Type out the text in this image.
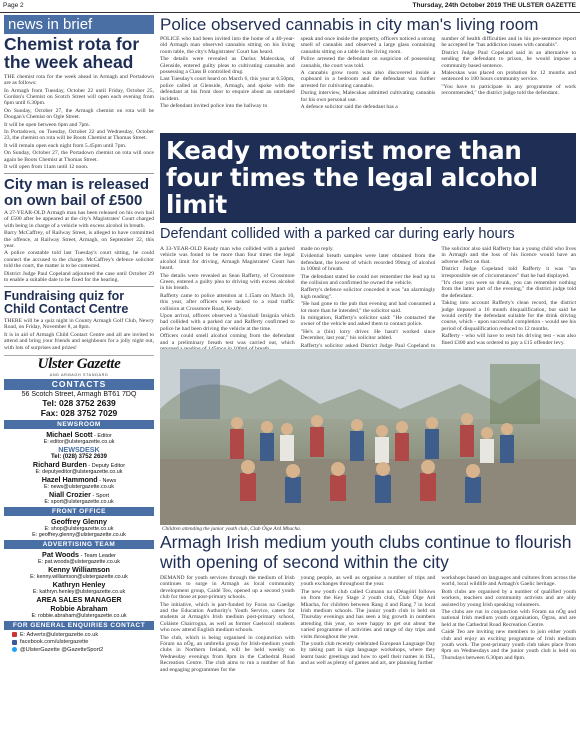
Page 2	Thursday, 24th October 2019 THE ULSTER GAZETTE
news in brief
Chemist rota for the week ahead

THE chemist rota for the week ahead in Armagh and Portadown are as follows:

In Armagh from Tuesday, October 22 until Friday, October 25, Gordon's Chemist on Scotch Street will open each evening from 6pm until 6.30pm.

On Sunday, October 27, the Armagh chemist on rota will be Dougan's Chemist on Ogle Street.

It will be open between 6pm and 7pm.

In Portadown, on Tuesday, October 22 and Wednesday, October 23, the chemist on rota will be Boots Chemist at Thomas Street.

It will remain open each night from 5.45pm until 7pm.

On Sunday, October 27, the Portadown chemist on rota will once again be Boots Chemist at Thomas Street.

It will open from 11am until 12 noon.

City man is released on own bail of £500

A 27-YEAR-OLD Armagh man has been released on his own bail of £500 after he appeared at the city's Magistrates' Court charged with being in charge of a vehicle with excess alcohol in breath.

Barry McCaffrey, of Railway Street, is alleged to have committed the offence, at Railway Street, Armagh, on September 22, this year.

A police constable told last Tuesday's court sitting, he could connect the accused to the charge. McCaffrey's defence solicitor told the court, the matter is to be contested.

District Judge Paul Copeland adjourned the case until October 29 to enable a suitable date to be fixed for the hearing.

Fundraising quiz for Child Contact Centre

THERE will be a quiz night in County Armagh Golf Club, Newry Road, on Friday, November 8, at 8pm.

It is in aid of Armagh Child Contact Centre and all are invited to attend and bring your friends and neighbours for a jolly night out, with lots of surprises and prizes!

Ulster Gazette
AND ARMAGH STANDARD
CONTACTS
56 Scotch Street, Armagh BT61 7DQ
Tel: 028 3752 2639
Fax: 028 3752 7029
NEWSROOM
Michael Scott - Editor
E: editor@ulstergazette.co.uk
NEWSDESK
Tel: (028) 3752 2639
Richard Burden - Deputy Editor
E: deputyeditor@ulstergazette.co.uk
Hazel Hammond - News
E: news@ulstergazette.co.uk
Niall Crozier - Sport
E: sport@ulstergazette.co.uk
FRONT OFFICE
Geoffrey Glenny
E: shop@ulstergazette.co.uk
E: geoffrey.glenny@ulstergazette.co.uk
ADVERTISING TEAM
Pat Woods - Team Leader
E: pat.woods@ulstergazette.co.uk
Kenny Williamson
E: kenny.williamson@ulstergazette.co.uk
Kathryn Henley
E: kathryn.henley@ulstergazette.co.uk
AREA SALES MANAGER
Robbie Abraham
E: robbie.abraham@ulstergazette.co.uk
FOR GENERAL ENQUIRIES CONTACT
E: Adverts@ulstergazette.co.uk
facebook.com/ulstergazette
@UlsterGazette @GazetteSport2
Police observed cannabis in city man's living room

POLICE who had been invited into the home of a 40-year-old Armagh man observed cannabis sitting on his living room table, the city's Magistrates' Court has heard.

The details were revealed as Darius Malecskas, of Glenside, entered guilty pleas to cultivating cannabis and possessing a Class B controlled drug.

Last Tuesday's court heard on March 6, this year at 6.50pm, police called at Glenside, Armagh, and spoke with the defendant at his front door to enquire about an unrelated incident.

The defendant invited police into the hallway to

speak and once inside the property, officers noticed a strong smell of cannabis and observed a large glass containing cannabis sitting on a table in the living room.

Police arrested the defendant on suspicion of possessing cannabis, the court was told.

A cannabis grow room was also discovered inside a cupboard in a bedroom and the defendant was further arrested for cultivating cannabis.

During interview, Malecskas admitted cultivating cannabis for his own personal use.

A defence solicitor said the defendant has a

number of health difficulties and in his pre-sentence report he accepted he "has addiction issues with cannabis".

District Judge Paul Copeland said in an alternative to sending the defendant to prison, he would impose a community based sentence.

Malecskas was placed on probation for 12 months and sentenced to 100 hours community service.

"You have to participate in any programme of work recommended," the district judge told the defendant.

Keady motorist more than four times the legal alcohol limit
Defendant collided with a parked car during early hours

A 33-YEAR-OLD Keady man who collided with a parked vehicle was found to be more than four times the legal alcohol limit for driving, Armagh Magistrates' Court has heard.

The details were revealed as Sean Rafferty, of Crossmore Green, entered a guilty plea to driving with excess alcohol in his breath.

Rafferty came to police attention at 1.15am on March 10, this year, after officers were tasked to a road traffic collision at Crossmore Road, Keady.

Upon arrival, officers observed a Vauxhall Insignia which had collided with a parked car and Rafferty confirmed to police he had been driving the vehicle at the time.

Officers could smell alcohol coming from the defendant and a preliminary breath test was carried out, which

made no reply.

Evidential breath samples were later obtained from the defendant, the lowest of which recorded 99mcg of alcohol in 100ml of breath.

The defendant stated he could not remember the lead up to the collision and confirmed he owned the vehicle.

Rafferty's defence solicitor conceded it was "an alarmingly high reading".

"He had gone to the pub that evening and had consumed a lot more than he intended," the solicitor said.

In mitigation, Rafferty's solicitor said: "He contacted the owner of the vehicle and asked them to contact police.

"He's a (bin) lorry driver. He hasn't worked since December, last year," his solicitor added.

Rafferty's solicitor asked District Judge Paul Copeland to

The solicitor also said Rafferty has a young child who lives in Armagh and the loss of his licence would have an adverse effect on that.

District Judge Copeland told Rafferty it was "an irresponsible set of circumstances" that he had displayed.

"It's clear you were so drunk, you can remember nothing from the latter part of the evening," the district judge told the defendant.

Taking into account Rafferty's clean record, the district judge imposed a 16 month disqualification, but said he would certify the defendant suitable for the drink driving course, which - upon successful completion - would see his period of disqualification reduced to 12 months.

Rafferty - who will have to resit his driving test - was also fined £300 and was ordered to pay a £15 offender levy.

Children attending the junior youth club, Club Óige Ard Mhacha.
Armagh Irish medium youth clubs continue to flourish with opening of second within the city

DEMAND for youth services through the medium of Irish continues to surge in Armagh as local community development group, Caidé Teo, opened up a second youth club for those at post-primary schools.

The initiative, which is part-funded by Foras na Gaeilge and the Education Authority's Youth Service, caters for students at Armagh's Irish medium post-primary school, Coláiste Chairrogna, as well as former Gaelscoil students who now attend English medium schools.

The club, which is being organised in conjunction with Fóram na nÓg, an umbrella group for Irish-medium youth clubs in Northern Ireland, will be held weekly on Wednesday evenings from 8pm in the Cathedral Road Recreation Centre. The club aims to run a number of fun and engaging programmes for the

young people, as well as organise a number of trips and youth exchanges throughout the year.

The new youth club called Cumann na nDéagóirí follows on from the Key Stage 2 youth club, Club Óige Ard Mhacha, for children between Rang 4 and Rang 7 in local Irish medium schools. The junior youth club is held on Thursday evenings and has seen a big growth in numbers attending this year, so were happy to get out about the varied programme of activities and range of day trips and visits throughout the year.

The youth club recently celebrated European Language Day by taking part in sign language workshops, where they learnt basic greetings and how to spell their names in ISL, and as well as plenty of games and art, are planning further

workshops based on languages and cultures from across the world, local wildlife and Armagh's Gaelic heritage.

Both clubs are organised by a number of qualified youth workers, teachers and community activists and are ably assisted by young Irish speaking volunteers.

The clubs are run in conjunction with Fóram na nÓg and national Irish medium youth organisation, Ógras, and are held at the Cathedral Road Recreation Centre.

Caidé Teo are inviting new members to join either youth club and enjoy an exciting programme of Irish medium youth work. The post-primary youth club takes place from 8pm on Wednesdays and the junior youth club is held on Thursdays between 6.30pm and 8pm.
